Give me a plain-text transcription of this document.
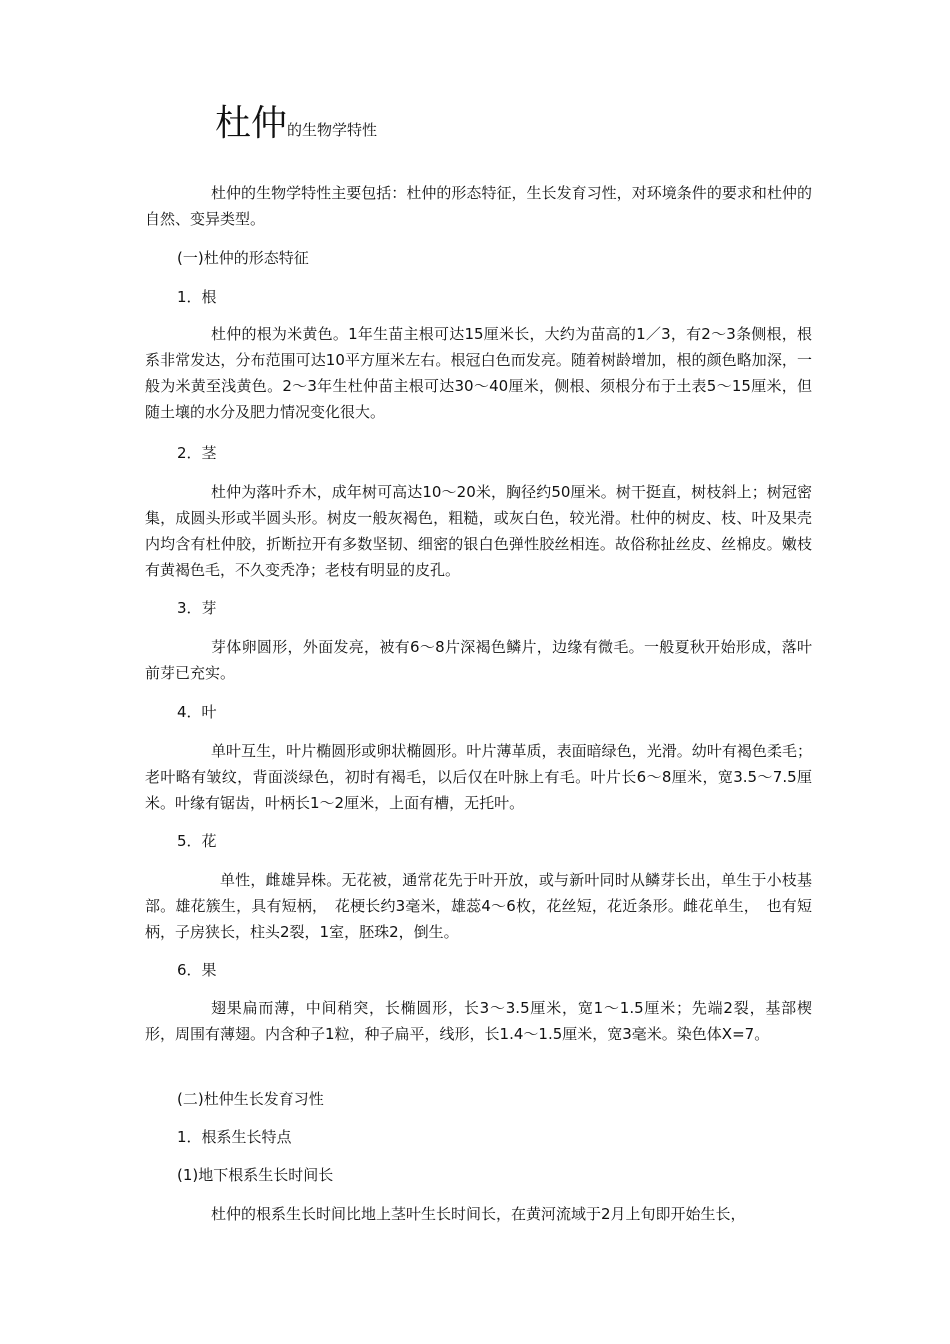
杜仲的生物学特性

杜仲的生物学特性主要包括：杜仲的形态特征，生长发育习性，对环境条件的要求和杜仲的自然、变异类型。

(一)杜仲的形态特征

1．根

杜仲的根为米黄色。1年生苗主根可达15厘米长，大约为苗高的1／3，有2～3条侧根，根系非常发达，分布范围可达10平方厘米左右。根冠白色而发亮。随着树龄增加，根的颜色略加深，一般为米黄至浅黄色。2～3年生杜仲苗主根可达30～40厘米，侧根、须根分布于土表5～15厘米，但随土壤的水分及肥力情况变化很大。

2．茎

杜仲为落叶乔木，成年树可高达10～20米，胸径约50厘米。树干挺直，树枝斜上；树冠密集，成圆头形或半圆头形。树皮一般灰褐色，粗糙，或灰白色，较光滑。杜仲的树皮、枝、叶及果壳内均含有杜仲胶，折断拉开有多数坚韧、细密的银白色弹性胶丝相连。故俗称扯丝皮、丝棉皮。嫩枝有黄褐色毛，不久变秃净；老枝有明显的皮孔。

3．芽

芽体卵圆形，外面发亮，被有6～8片深褐色鳞片，边缘有微毛。一般夏秋开始形成，落叶前芽已充实。

4．叶

单叶互生，叶片椭圆形或卵状椭圆形。叶片薄革质，表面暗绿色，光滑。幼叶有褐色柔毛；老叶略有皱纹，背面淡绿色，初时有褐毛，以后仅在叶脉上有毛。叶片长6～8厘米，宽3.5～7.5厘米。叶缘有锯齿，叶柄长1～2厘米，上面有槽，无托叶。

5．花

单性，雌雄异株。无花被，通常花先于叶开放，或与新叶同时从鳞芽长出，单生于小枝基部。雄花簇生，具有短柄，　花梗长约3毫米，雄蕊4～6枚，花丝短，花近条形。雌花单生，　也有短柄，子房狭长，柱头2裂，1室，胚珠2，倒生。

6．果

翅果扁而薄，中间稍突，长椭圆形，长3～3.5厘米，宽1～1.5厘米；先端2裂，基部楔形，周围有薄翅。内含种子1粒，种子扁平，线形，长1.4～1.5厘米，宽3毫米。染色体X=7。

(二)杜仲生长发育习性

1．根系生长特点

(1)地下根系生长时间长

杜仲的根系生长时间比地上茎叶生长时间长，在黄河流域于2月上旬即开始生长，
